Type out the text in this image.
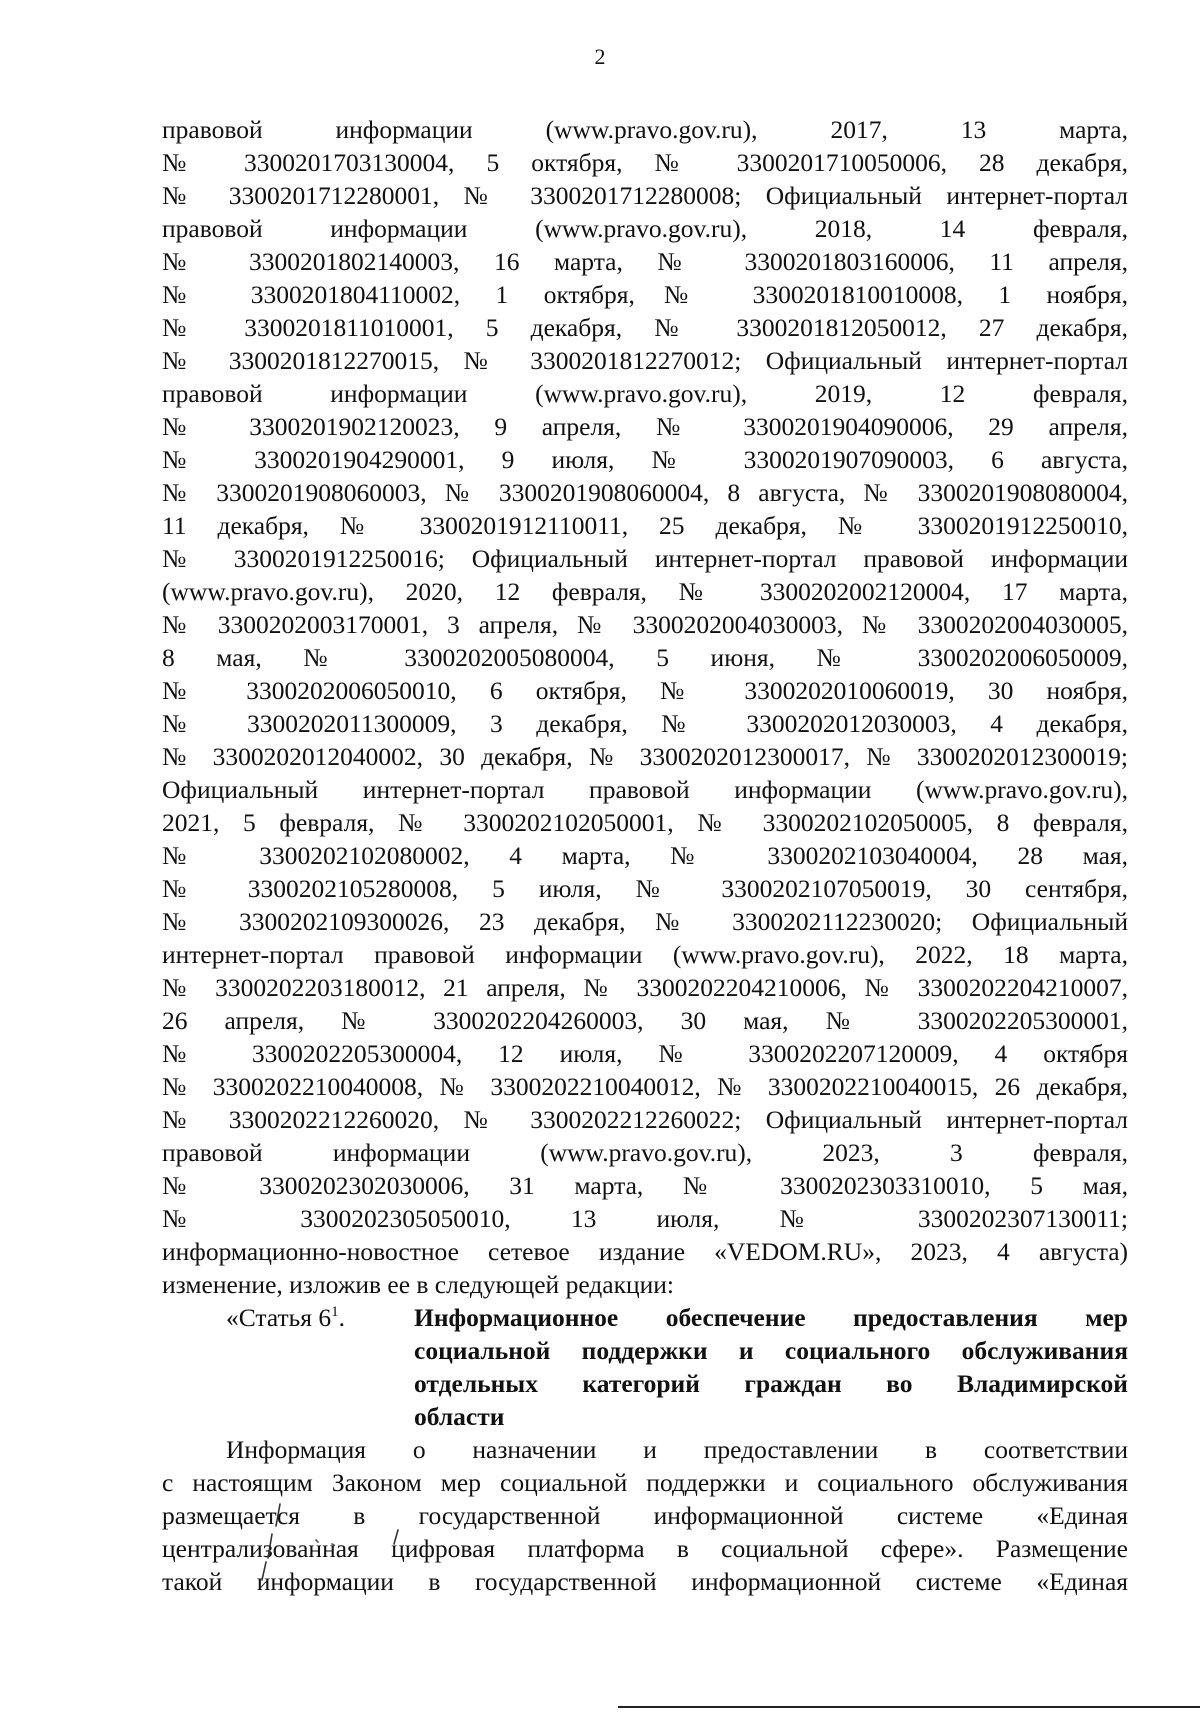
2
правовой информации (www.pravo.gov.ru), 2017, 13 марта,
№ 3300201703130004, 5 октября, № 3300201710050006, 28 декабря,
№ 3300201712280001, № 3300201712280008; Официальный интернет-портал
правовой информации (www.pravo.gov.ru), 2018, 14 февраля,
№ 3300201802140003, 16 марта, № 3300201803160006, 11 апреля,
№ 3300201804110002, 1 октября,№ 3300201810010008, 1 ноября,
№ 3300201811010001, 5 декабря, № 3300201812050012, 27 декабря,
№ 3300201812270015, № 3300201812270012; Официальный интернет-портал
правовой информации (www.pravo.gov.ru), 2019, 12 февраля,
№ 3300201902120023, 9 апреля, № 3300201904090006, 29 апреля,
№ 3300201904290001, 9 июля, № 3300201907090003, 6 августа,
№ 3300201908060003, № 3300201908060004, 8 августа, № 3300201908080004,
11 декабря, № 3300201912110011, 25 декабря, № 3300201912250010,
№ 3300201912250016; Официальный интернет-портал правовой информации
(www.pravo.gov.ru), 2020, 12 февраля, № 3300202002120004, 17 марта,
№ 3300202003170001, 3 апреля, № 3300202004030003, № 3300202004030005,
8 мая, № 3300202005080004, 5 июня, № 3300202006050009,
№ 3300202006050010, 6 октября, № 3300202010060019, 30 ноября,
№ 3300202011300009, 3 декабря, № 3300202012030003, 4 декабря,
№ 3300202012040002, 30 декабря, № 3300202012300017, № 3300202012300019;
Официальный интернет-портал правовой информации (www.pravo.gov.ru),
2021, 5 февраля, № 3300202102050001, № 3300202102050005, 8 февраля,
№ 3300202102080002, 4 марта, № 3300202103040004, 28 мая,
№ 3300202105280008, 5 июля, № 3300202107050019, 30 сентября,
№ 3300202109300026, 23 декабря, № 3300202112230020; Официальный
интернет-портал правовой информации (www.pravo.gov.ru), 2022, 18 марта,
№ 3300202203180012, 21 апреля, № 3300202204210006, № 3300202204210007,
26 апреля, № 3300202204260003, 30 мая, № 3300202205300001,
№ 3300202205300004, 12 июля, № 3300202207120009, 4 октября
№ 3300202210040008, № 3300202210040012, № 3300202210040015, 26 декабря,
№ 3300202212260020, № 3300202212260022; Официальный интернет-портал
правовой информации (www.pravo.gov.ru), 2023, 3 февраля,
№ 3300202302030006, 31 марта, № 3300202303310010, 5 мая,
№ 3300202305050010, 13 июля, № 3300202307130011;
информационно-новостное сетевое издание «VEDOM.RU», 2023, 4 августа)
изменение, изложив ее в следующей редакции:
«Статья $6^1$.	Информационное обеспечение предоставления мер
социальной поддержки и социального обслуживания
отдельных категорий граждан во Владимирской
области
Информация о назначении и предоставлении в соответствии
с настоящим Законом мер социальной поддержки и социального обслуживания
размещается в государственной информационной системе «Единая
централизованная цифровая платформа в социальной сфере». Размещение
такой информации в государственной информационной системе «Единая
